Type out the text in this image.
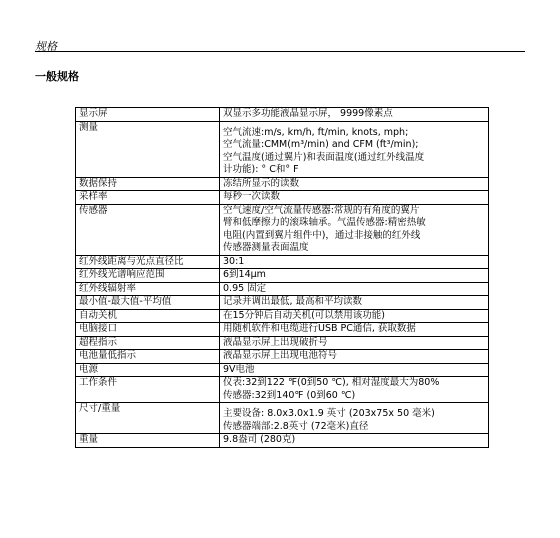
规格
一般规格
显示屏	双显示多功能液晶显示屏， 9999像素点

测量	空气流速:m/s, km/h, ft/min, knots, mph;
空气流量:CMM(m³/min) and CFM (ft³/min);
空气温度(通过翼片)和表面温度(通过红外线温度
计功能): ° C和° F

数据保持	冻结所显示的读数

采样率	每秒一次读数

传感器	空气速度/空气流量传感器:常规的有角度的翼片
臂和低摩擦力的滚珠轴承。气温传感器:精密热敏
电阻(内置到翼片组件中)，通过非接触的红外线
传感器测量表面温度

红外线距离与光点直径比	30:1

红外线光谱响应范围	6到14μm

红外线辐射率	0.95 固定

最小值-最大值-平均值	记录并调出最低, 最高和平均读数

自动关机	在15分钟后自动关机(可以禁用该功能)

电脑接口	用随机软件和电缆进行USB PC通信, 获取数据

超程指示	液晶显示屏上出现破折号

电池量低指示	液晶显示屏上出现电池符号

电源	9V电池

工作条件	仪表:32到122 ℉(0到50 ℃), 相对湿度最大为80%
传感器:32到140℉ (0到60 ℃)

尺寸/重量	主要设备: 8.0x3.0x1.9 英寸 (203x75x 50 毫米)
传感器端部:2.8英寸 (72毫米)直径

重量	9.8盎司 (280克)
